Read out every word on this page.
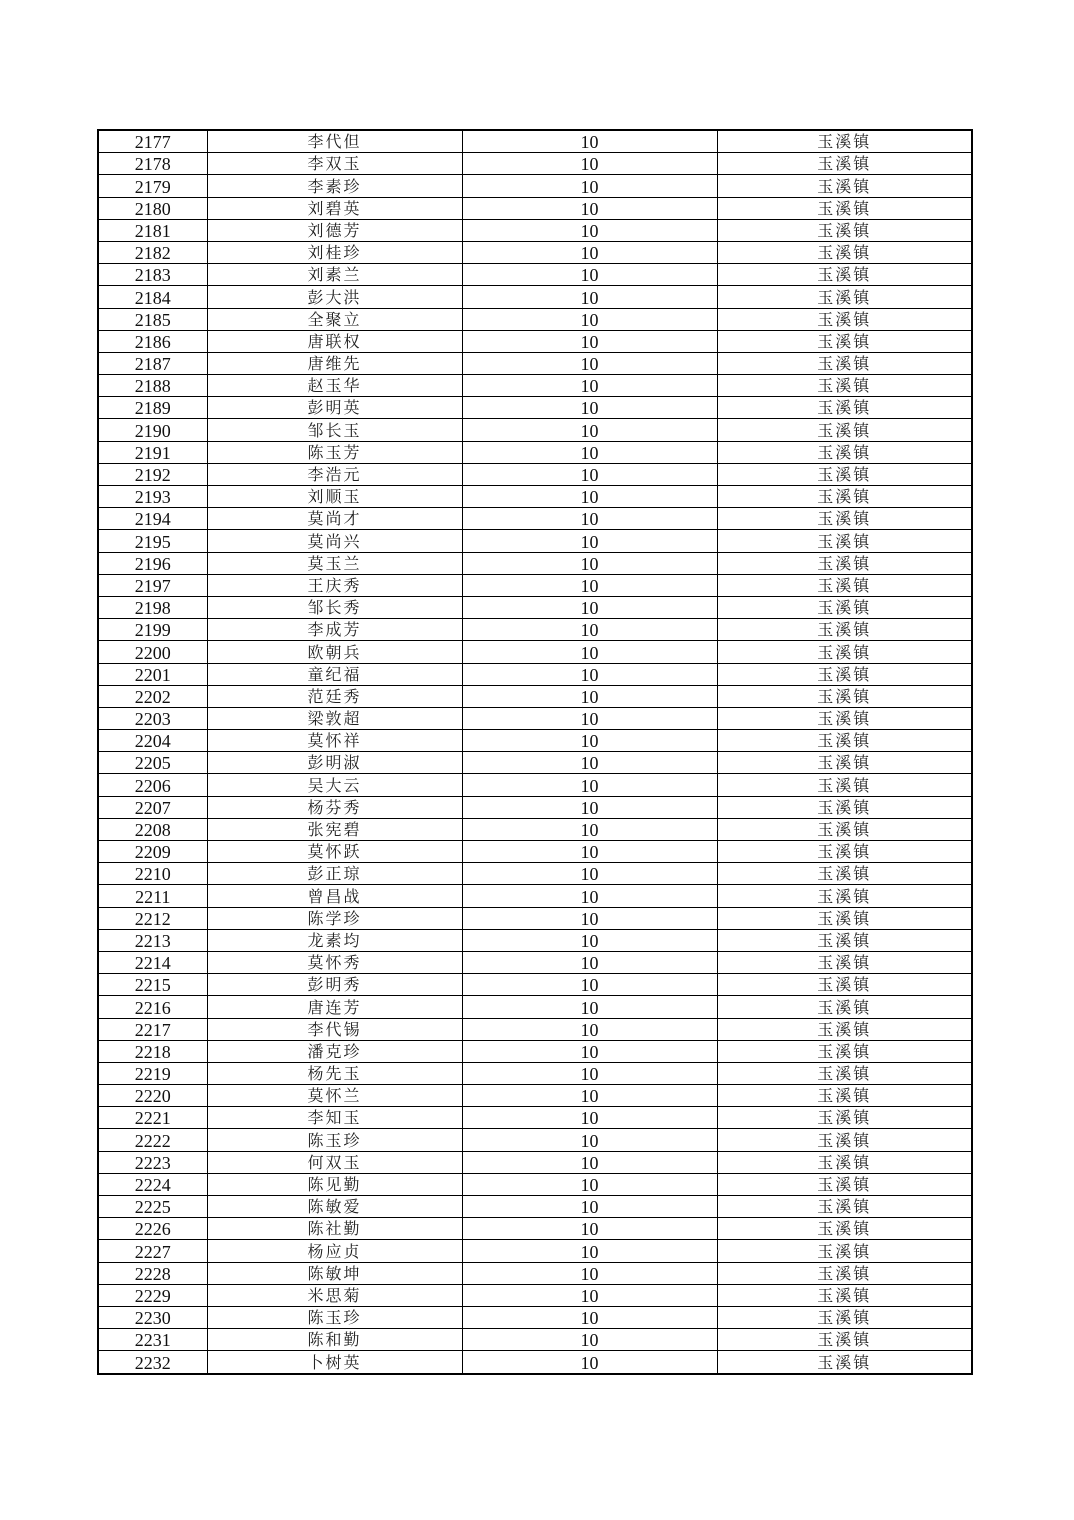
2177	李代但	10	玉溪镇
2178	李双玉	10	玉溪镇
2179	李素珍	10	玉溪镇
2180	刘碧英	10	玉溪镇
2181	刘德芳	10	玉溪镇
2182	刘桂珍	10	玉溪镇
2183	刘素兰	10	玉溪镇
2184	彭大洪	10	玉溪镇
2185	全聚立	10	玉溪镇
2186	唐联权	10	玉溪镇
2187	唐维先	10	玉溪镇
2188	赵玉华	10	玉溪镇
2189	彭明英	10	玉溪镇
2190	邹长玉	10	玉溪镇
2191	陈玉芳	10	玉溪镇
2192	李浩元	10	玉溪镇
2193	刘顺玉	10	玉溪镇
2194	莫尚才	10	玉溪镇
2195	莫尚兴	10	玉溪镇
2196	莫玉兰	10	玉溪镇
2197	王庆秀	10	玉溪镇
2198	邹长秀	10	玉溪镇
2199	李成芳	10	玉溪镇
2200	欧朝兵	10	玉溪镇
2201	童纪福	10	玉溪镇
2202	范廷秀	10	玉溪镇
2203	梁敦超	10	玉溪镇
2204	莫怀祥	10	玉溪镇
2205	彭明淑	10	玉溪镇
2206	吴大云	10	玉溪镇
2207	杨芬秀	10	玉溪镇
2208	张宪碧	10	玉溪镇
2209	莫怀跃	10	玉溪镇
2210	彭正琼	10	玉溪镇
2211	曾昌战	10	玉溪镇
2212	陈学珍	10	玉溪镇
2213	龙素均	10	玉溪镇
2214	莫怀秀	10	玉溪镇
2215	彭明秀	10	玉溪镇
2216	唐连芳	10	玉溪镇
2217	李代锡	10	玉溪镇
2218	潘克珍	10	玉溪镇
2219	杨先玉	10	玉溪镇
2220	莫怀兰	10	玉溪镇
2221	李知玉	10	玉溪镇
2222	陈玉珍	10	玉溪镇
2223	何双玉	10	玉溪镇
2224	陈见勤	10	玉溪镇
2225	陈敏爱	10	玉溪镇
2226	陈社勤	10	玉溪镇
2227	杨应贞	10	玉溪镇
2228	陈敏坤	10	玉溪镇
2229	米思菊	10	玉溪镇
2230	陈玉珍	10	玉溪镇
2231	陈和勤	10	玉溪镇
2232	卜树英	10	玉溪镇
